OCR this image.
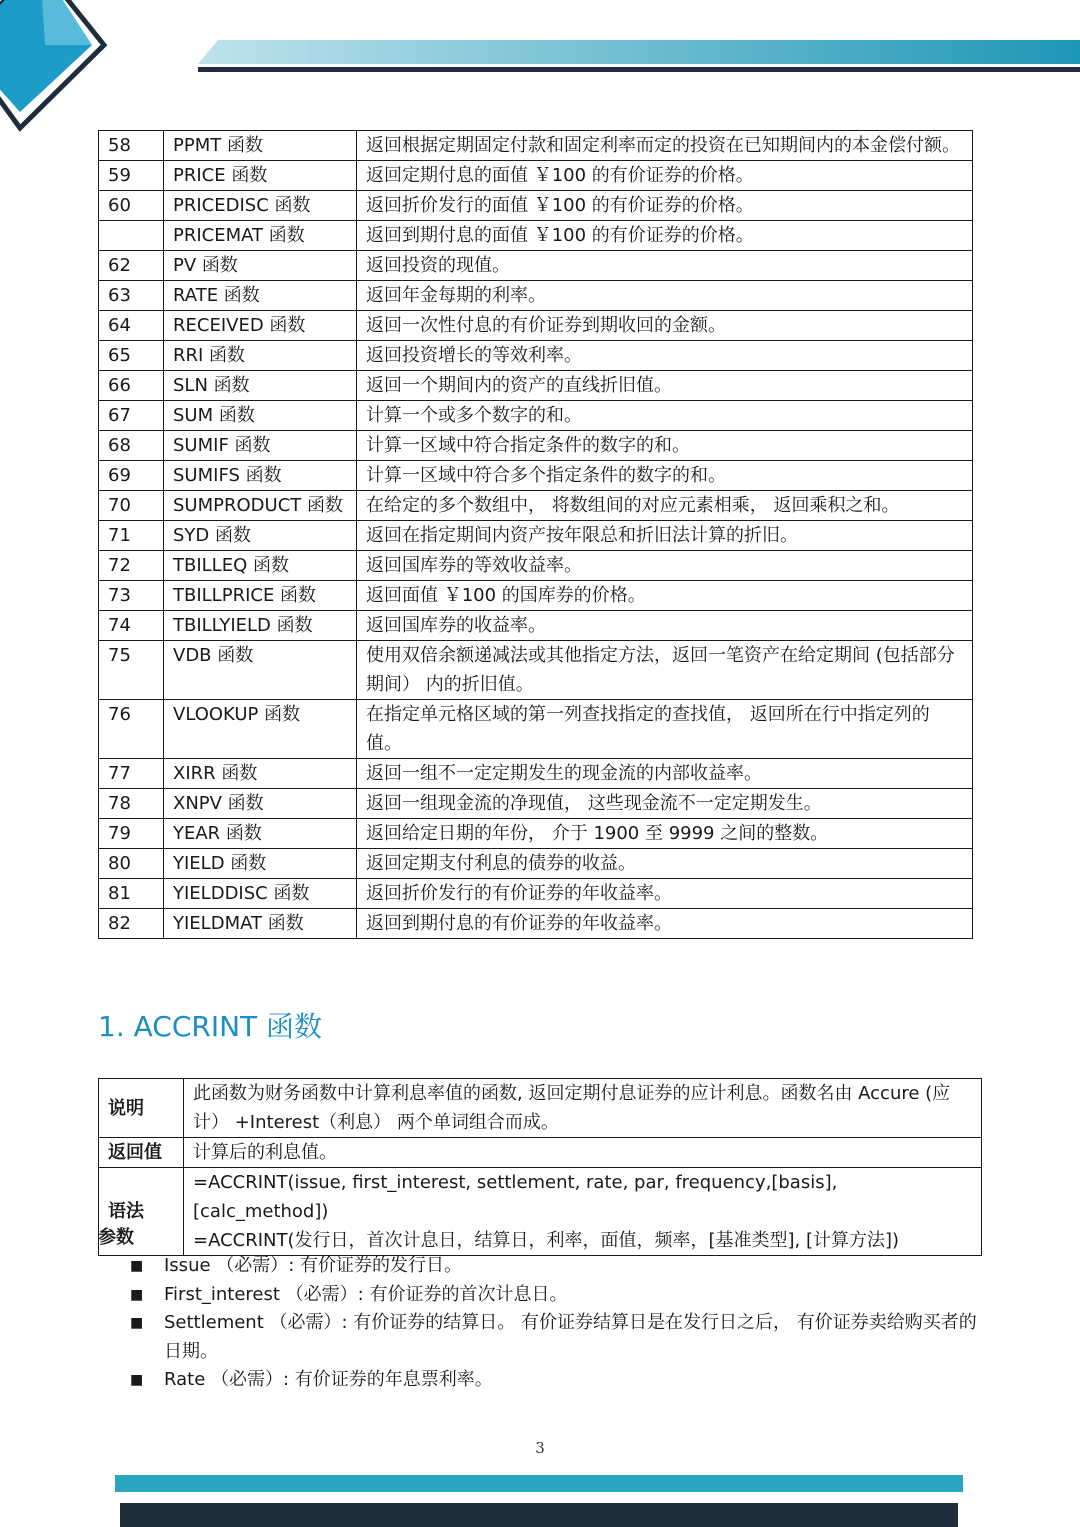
58	PPMT 函数	返回根据定期固定付款和固定利率而定的投资在已知期间内的本金偿付额。
59	PRICE 函数	返回定期付息的面值 ￥100 的有价证券的价格。
60	PRICEDISC 函数	返回折价发行的面值 ￥100 的有价证券的价格。
	PRICEMAT 函数	返回到期付息的面值 ￥100 的有价证券的价格。
62	PV 函数	返回投资的现值。
63	RATE 函数	返回年金每期的利率。
64	RECEIVED 函数	返回一次性付息的有价证券到期收回的金额。
65	RRI 函数	返回投资增长的等效利率。
66	SLN 函数	返回一个期间内的资产的直线折旧值。
67	SUM 函数	计算一个或多个数字的和。
68	SUMIF 函数	计算一区域中符合指定条件的数字的和。
69	SUMIFS 函数	计算一区域中符合多个指定条件的数字的和。
70	SUMPRODUCT 函数	在给定的多个数组中， 将数组间的对应元素相乘， 返回乘积之和。
71	SYD 函数	返回在指定期间内资产按年限总和折旧法计算的折旧。
72	TBILLEQ 函数	返回国库券的等效收益率。
73	TBILLPRICE 函数	返回面值 ￥100 的国库券的价格。
74	TBILLYIELD 函数	返回国库券的收益率。
75	VDB 函数	使用双倍余额递减法或其他指定方法，返回一笔资产在给定期间 (包括部分期间） 内的折旧值。
76	VLOOKUP 函数	在指定单元格区域的第一列查找指定的查找值， 返回所在行中指定列的值。
77	XIRR 函数	返回一组不一定定期发生的现金流的内部收益率。
78	XNPV 函数	返回一组现金流的净现值， 这些现金流不一定定期发生。
79	YEAR 函数	返回给定日期的年份， 介于 1900 至 9999 之间的整数。
80	YIELD 函数	返回定期支付利息的债券的收益。
81	YIELDDISC 函数	返回折价发行的有价证券的年收益率。
82	YIELDMAT 函数	返回到期付息的有价证券的年收益率。
1. ACCRINT 函数
说明	此函数为财务函数中计算利息率值的函数, 返回定期付息证券的应计利息。函数名由 Accure (应计） +Interest（利息） 两个单词组合而成。
返回值	计算后的利息值。
语法	=ACCRINT(issue, first_interest, settlement, rate, par, frequency,[basis], [calc_method])
=ACCRINT(发行日，首次计息日，结算日，利率，面值，频率，[基准类型], [计算方法])
参数
■ Issue （必需）: 有价证券的发行日。
■ First_interest （必需）: 有价证券的首次计息日。
■ Settlement （必需）: 有价证券的结算日。 有价证券结算日是在发行日之后， 有价证券卖给购买者的日期。
■ Rate （必需）: 有价证券的年息票利率。
3
